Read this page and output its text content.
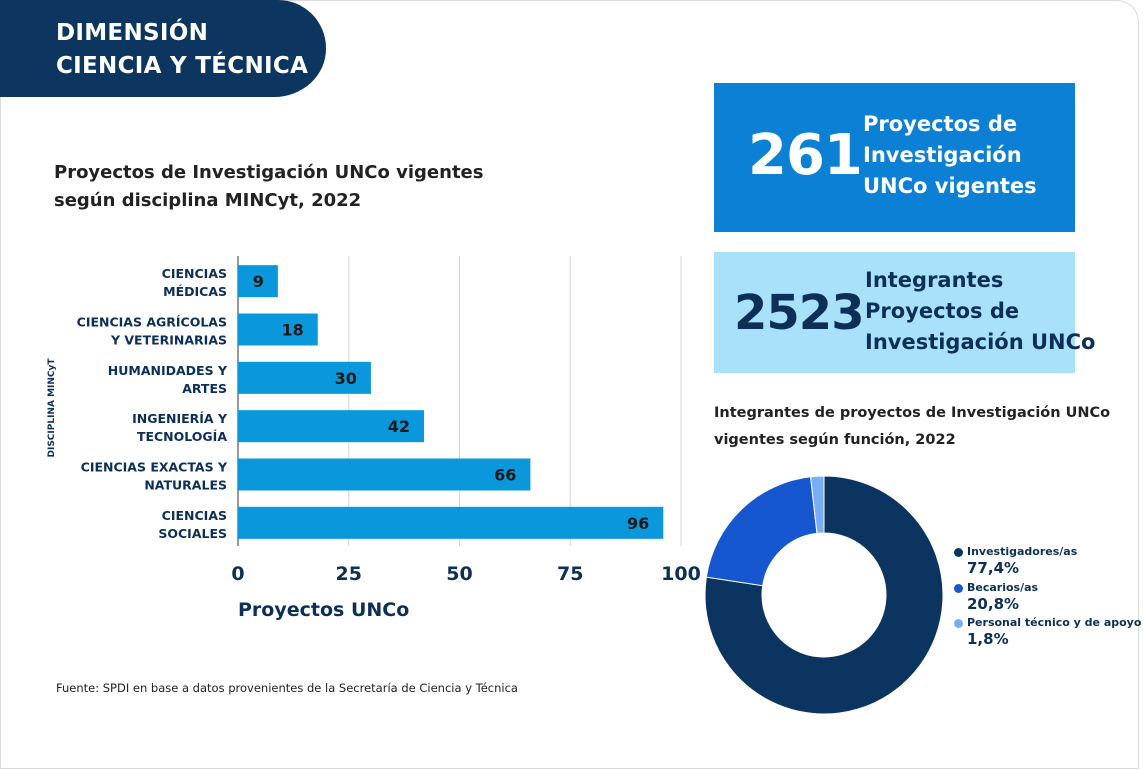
DIMENSIÓN
CIENCIA Y TÉCNICA
Proyectos de Investigación UNCo vigentes
según disciplina MINCyt, 2022
9
CIENCIAS MÉDICAS
18
CIENCIAS AGRÍCOLAS Y VETERINARIAS
30
HUMANIDADES Y ARTES
42
INGENIERÍA Y TECNOLOGÍA
66
CIENCIAS EXACTAS Y NATURALES
96
CIENCIAS SOCIALES
0	25	50	75	100
Proyectos UNCo
DISCIPLINA MINCyT
261 Proyectos de
Investigación
UNCo vigentes
2523
Integrantes
Proyectos de
Investigación UNCo
Integrantes de proyectos de Investigación UNCo
vigentes según función, 2022
Investigadores/as
77,4%
Becarios/as
20,8%
Personal técnico y de apoyo
1,8%
Fuente: SPDI en base a datos provenientes de la Secretaría de Ciencia y Técnica
